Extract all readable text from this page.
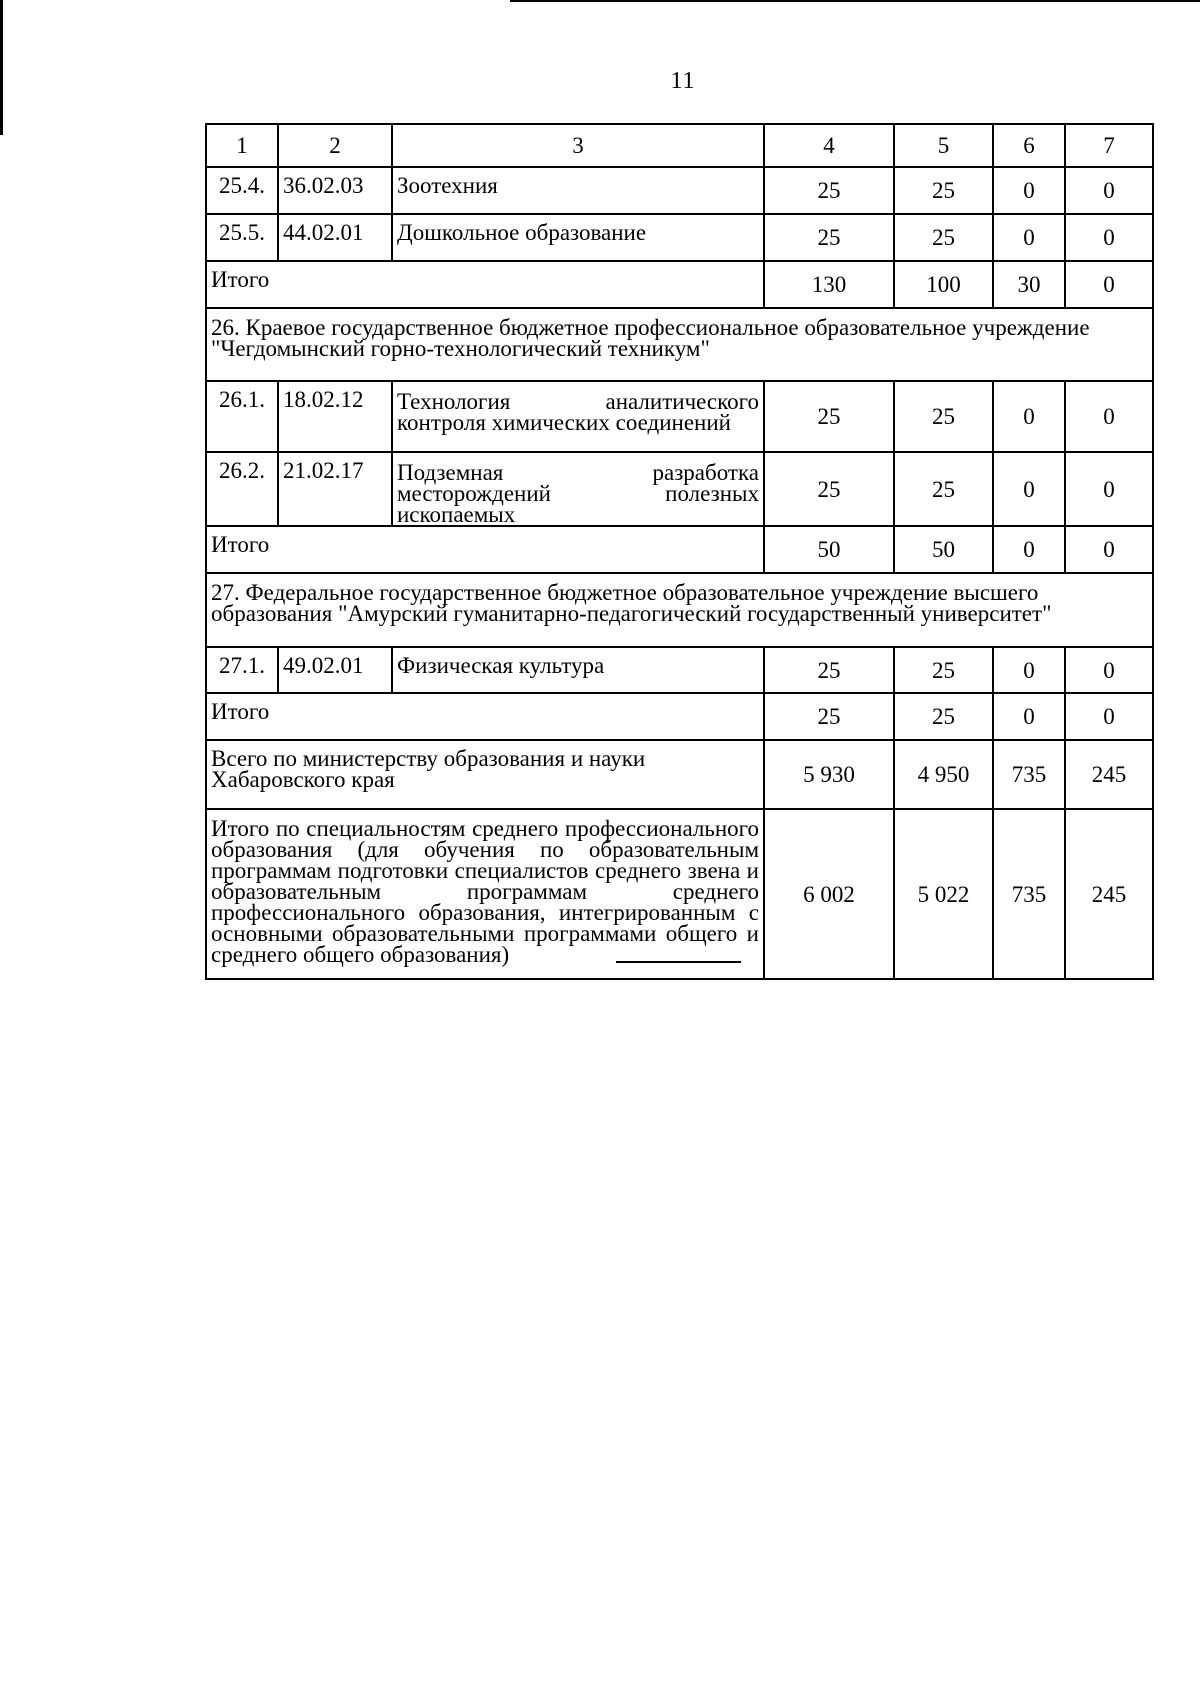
11
1	2	3	4	5	6	7
25.4.	36.02.03	Зоотехния	25	25	0	0
25.5.	44.02.01	Дошкольное образование	25	25	0	0
Итого			130	100	30	0
26. Краевое государственное бюджетное профессиональное образовательное учреждение "Чегдомынский горно-технологический техникум"						
26.1.	18.02.12	Технология аналитического контроля химических соединений	25	25	0	0
26.2.	21.02.17	Подземная разработка месторождений полезных ископаемых	25	25	0	0
Итого			50	50	0	0
27. Федеральное государственное бюджетное образовательное учреждение высшего образования "Амурский гуманитарно-педагогический государственный университет"						
27.1.	49.02.01	Физическая культура	25	25	0	0
Итого			25	25	0	0
Всего по министерству образования и науки Хабаровского края			5 930	4 950	735	245
Итого по специальностям среднего профессионального образования (для обучения по образовательным программам подготовки специалистов среднего звена и образовательным программам среднего профессионального образования, интегрированным с основными образовательными программами общего и среднего общего образования)			6 002	5 022	735	245
